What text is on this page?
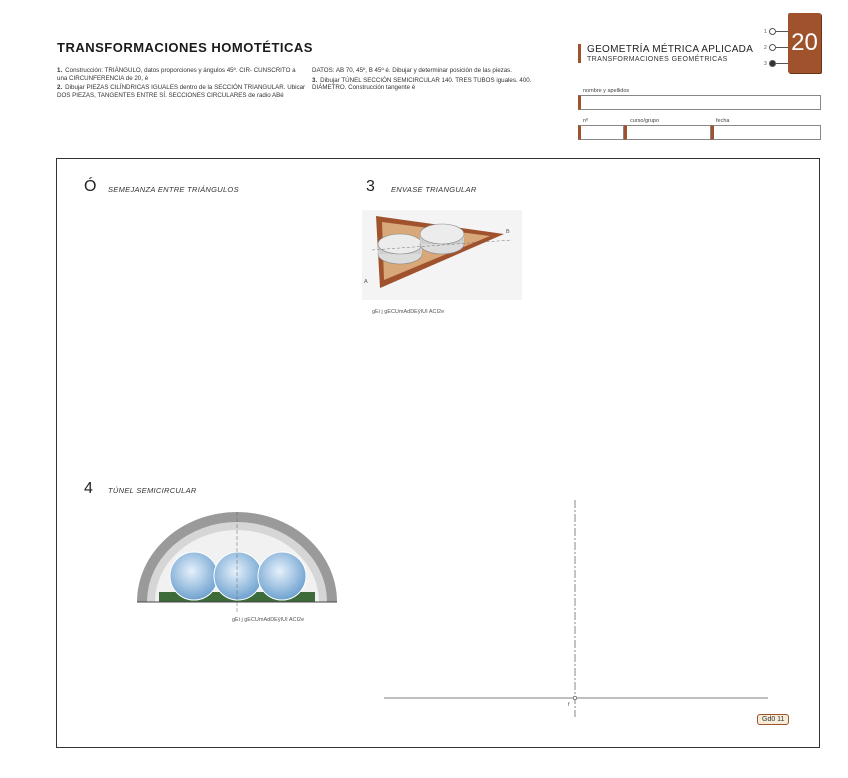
TRANSFORMACIONES HOMOTÉTICAS
1. Construcción: TRIÁNGULO, datos proporciones y ángulos 45º. CIR- CUNSCRITO a una CIRCUNFERENCIA de 20, é
2. Dibujar PIEZAS CILÍNDRICAS IGUALES dentro de la SECCIÓN TRIANGULAR. Ubicar DOS PIEZAS, TANGENTES ENTRE SÍ. SECCIONES CIRCULARES de radio ABé
DATOS: AB 70, 45º, B 45º é. Dibujar y determinar posición de las piezas.
3. Dibujar TÚNEL SECCIÓN SEMICIRCULAR 140. TRES TUBOS iguales. 400. DIÁMETRO. Construcción tangente é
GEOMETRÍA MÉTRICA APLICADA
TRANSFORMACIONES GEOMÉTRICAS
1
2
3
20
nombre y apellidos
nº	curso/grupo	fecha
Ó SEMEJANZA ENTRE TRIÁNGULOS	3 ENVASE TRIANGULAR
A
B
gEi j gECUmAdDEŷIUI ACI2e
4 TÚNEL SEMICIRCULAR
gEi j gECUmAdDEŷIUI ACI2e
f
Gd0 11
